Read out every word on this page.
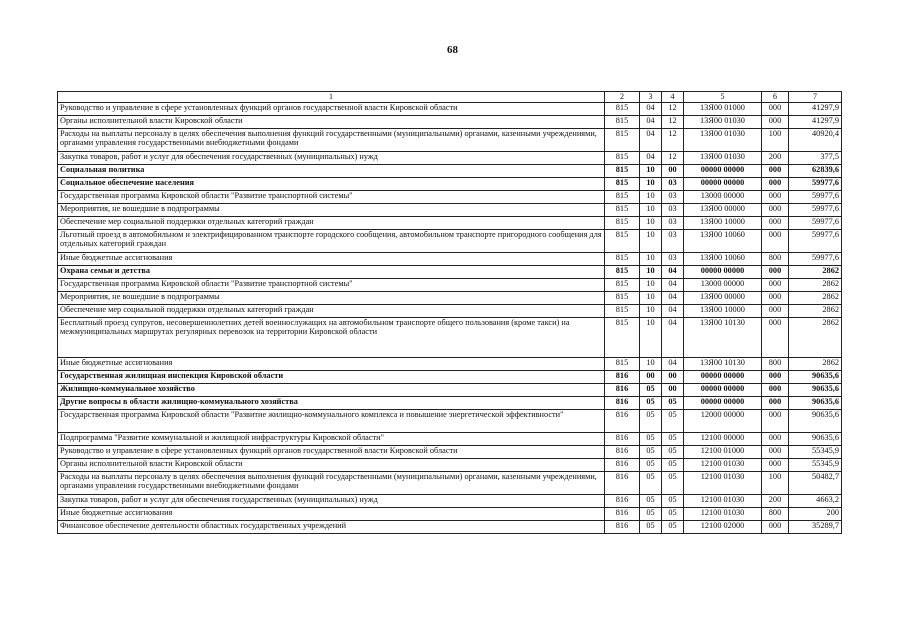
68
1	2	3	4	5	6	7
Руководство и управление в сфере установленных функций органов государственной власти Кировской области	815	04	12	13Я00 01000	000	41297,9
Органы исполнительной власти Кировской области	815	04	12	13Я00 01030	000	41297,9
Расходы на выплаты персоналу в целях обеспечения выполнения функций государственными (муниципальными) органами, казенными учреждениями, органами управления государственными внебюджетными фондами	815	04	12	13Я00 01030	100	40920,4
Закупка товаров, работ и услуг для обеспечения государственных (муниципальных) нужд	815	04	12	13Я00 01030	200	377,5
Социальная политика	815	10	00	00000 00000	000	62839,6
Социальное обеспечение населения	815	10	03	00000 00000	000	59977,6
Государственная программа Кировской области "Развитие транспортной системы"	815	10	03	13000 00000	000	59977,6
Мероприятия, не вошедшие в подпрограммы	815	10	03	13Я00 00000	000	59977,6
Обеспечение мер социальной поддержки отдельных категорий граждан	815	10	03	13Я00 10000	000	59977,6
Льготный проезд в автомобильном и электрифицированном транспорте городского сообщения, автомобильном транспорте пригородного сообщения для отдельных категорий граждан	815	10	03	13Я00 10060	000	59977,6
Иные бюджетные ассигнования	815	10	03	13Я00 10060	800	59977,6
Охрана семьи и детства	815	10	04	00000 00000	000	2862
Государственная программа Кировской области "Развитие транспортной системы"	815	10	04	13000 00000	000	2862
Мероприятия, не вошедшие в подпрограммы	815	10	04	13Я00 00000	000	2862
Обеспечение мер социальной поддержки отдельных категорий граждан	815	10	04	13Я00 10000	000	2862
Бесплатный проезд супругов, несовершеннолетних детей военнослужащих на автомобильном транспорте общего пользования (кроме такси) на межмуниципальных маршрутах регулярных перевозок на территории Кировской области	815	10	04	13Я00 10130	000	2862
Иные бюджетные ассигнования	815	10	04	13Я00 10130	800	2862
Государственная жилищная инспекция Кировской области	816	00	00	00000 00000	000	90635,6
Жилищно-коммунальное хозяйство	816	05	00	00000 00000	000	90635,6
Другие вопросы в области жилищно-коммунального хозяйства	816	05	05	00000 00000	000	90635,6
Государственная программа Кировской области "Развитие жилищно-коммунального комплекса и повышение энергетической эффективности"	816	05	05	12000 00000	000	90635,6
Подпрограмма "Развитие коммунальной и жилищной инфраструктуры Кировской области"	816	05	05	12100 00000	000	90635,6
Руководство и управление в сфере установленных функций органов государственной власти Кировской области	816	05	05	12100 01000	000	55345,9
Органы исполнительной власти Кировской области	816	05	05	12100 01030	000	55345,9
Расходы на выплаты персоналу в целях обеспечения выполнения функций государственными (муниципальными) органами, казенными учреждениями, органами управления государственными внебюджетными фондами	816	05	05	12100 01030	100	50482,7
Закупка товаров, работ и услуг для обеспечения государственных (муниципальных) нужд	816	05	05	12100 01030	200	4663,2
Иные бюджетные ассигнования	816	05	05	12100 01030	800	200
Финансовое обеспечение деятельности областных государственных учреждений	816	05	05	12100 02000	000	35289,7
